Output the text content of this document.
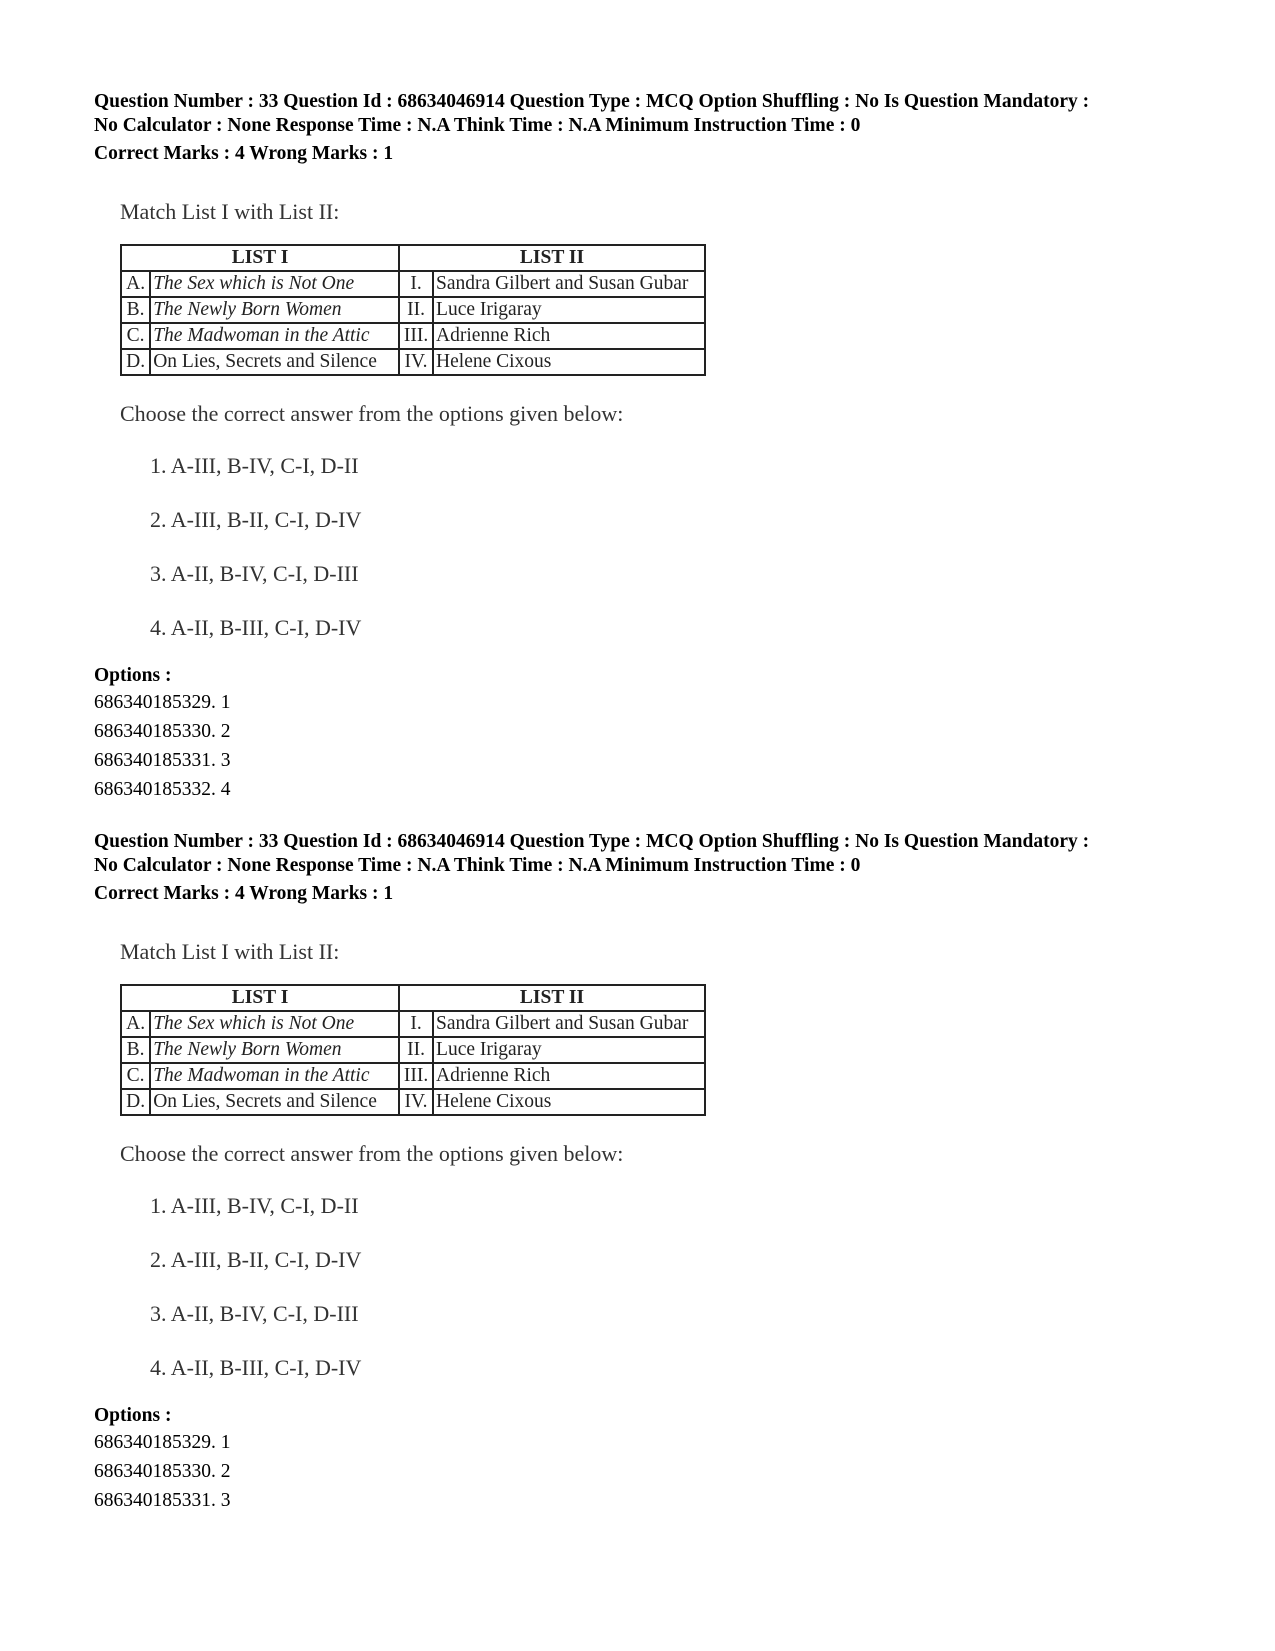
Question Number : 33 Question Id : 68634046914 Question Type : MCQ Option Shuffling : No Is Question Mandatory :

No Calculator : None Response Time : N.A Think Time : N.A Minimum Instruction Time : 0

Correct Marks : 4 Wrong Marks : 1

Match List I with List II:
LIST I		LIST II	
A.	The Sex which is Not One	I.	Sandra Gilbert and Susan Gubar
B.	The Newly Born Women	II.	Luce Irigaray
C.	The Madwoman in the Attic	III.	Adrienne Rich
D.	On Lies, Secrets and Silence	IV.	Helene Cixous
Choose the correct answer from the options given below:
1. A-III, B-IV, C-I, D-II
2. A-III, B-II, C-I, D-IV
3. A-II, B-IV, C-I, D-III
4. A-II, B-III, C-I, D-IV
Options :
686340185329. 1
686340185330. 2
686340185331. 3
686340185332. 4

Question Number : 33 Question Id : 68634046914 Question Type : MCQ Option Shuffling : No Is Question Mandatory :

No Calculator : None Response Time : N.A Think Time : N.A Minimum Instruction Time : 0

Correct Marks : 4 Wrong Marks : 1

Match List I with List II:
LIST I		LIST II	
A.	The Sex which is Not One	I.	Sandra Gilbert and Susan Gubar
B.	The Newly Born Women	II.	Luce Irigaray
C.	The Madwoman in the Attic	III.	Adrienne Rich
D.	On Lies, Secrets and Silence	IV.	Helene Cixous
Choose the correct answer from the options given below:
1. A-III, B-IV, C-I, D-II
2. A-III, B-II, C-I, D-IV
3. A-II, B-IV, C-I, D-III
4. A-II, B-III, C-I, D-IV
Options :
686340185329. 1
686340185330. 2
686340185331. 3
